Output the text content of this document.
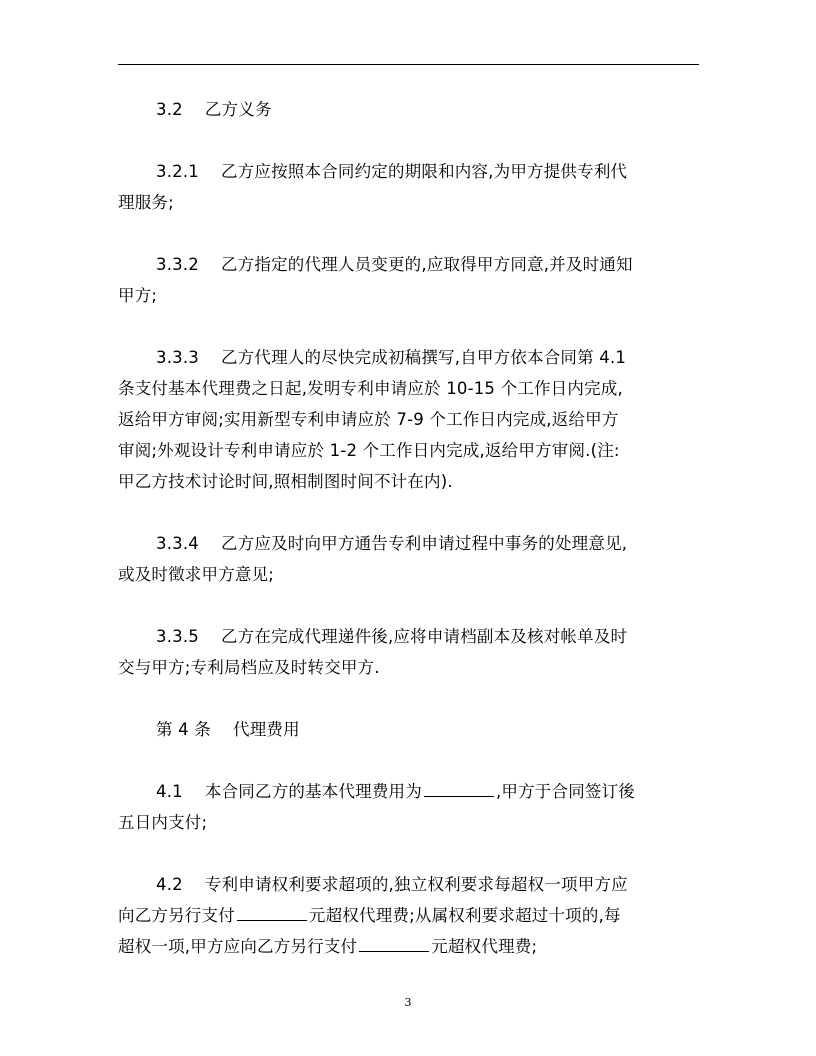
3.2 乙方义务

3.2.1 乙方应按照本合同约定的期限和内容,为甲方提供专利代
理服务;

3.3.2 乙方指定的代理人员变更的,应取得甲方同意,并及时通知
甲方;

3.3.3 乙方代理人的尽快完成初稿撰写,自甲方依本合同第 4.1
条支付基本代理费之日起,发明专利申请应於 10-15 个工作日内完成,
返给甲方审阅;实用新型专利申请应於 7-9 个工作日内完成,返给甲方
审阅;外观设计专利申请应於 1-2 个工作日内完成,返给甲方审阅.(注:
甲乙方技术讨论时间,照相制图时间不计在内).

3.3.4 乙方应及时向甲方通告专利申请过程中事务的处理意见,
或及时徵求甲方意见;

3.3.5 乙方在完成代理递件後,应将申请档副本及核对帐单及时
交与甲方;专利局档应及时转交甲方.

第 4 条 代理费用

4.1 本合同乙方的基本代理费用为	,甲方于合同签订後
五日内支付;

4.2 专利申请权利要求超项的,独立权利要求每超权一项甲方应
向乙方另行支付	元超权代理费;从属权利要求超过十项的,每
超权一项,甲方应向乙方另行支付	元超权代理费;

3
